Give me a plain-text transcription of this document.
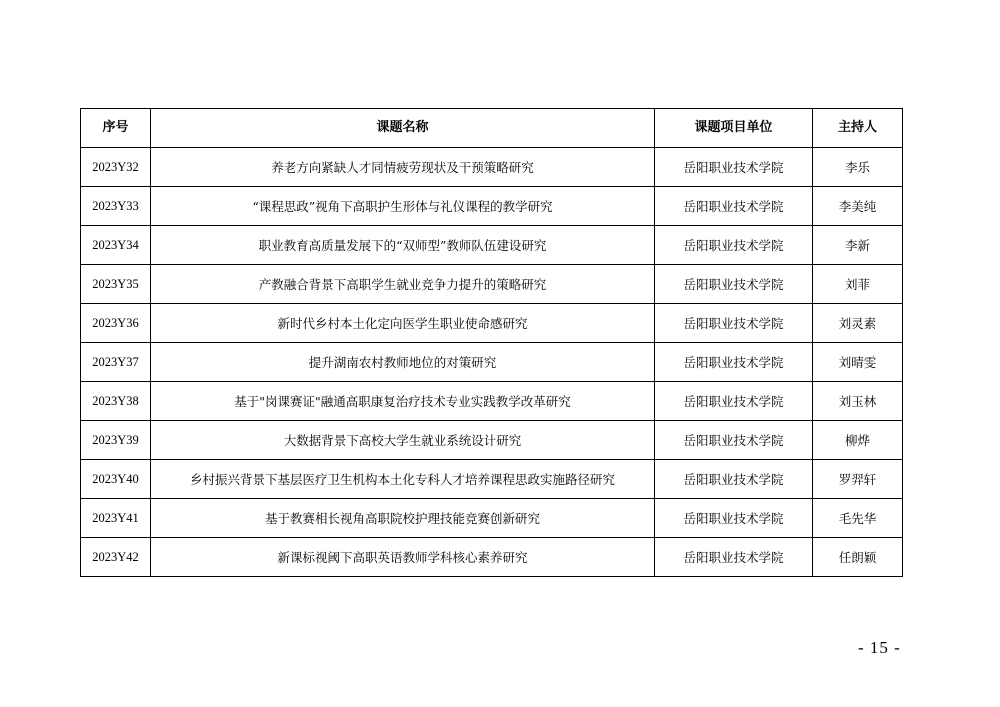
序号	课题名称	课题项目单位	主持人
2023Y32	养老方向紧缺人才同情疲劳现状及干预策略研究	岳阳职业技术学院	李乐
2023Y33	“课程思政”视角下高职护生形体与礼仪课程的教学研究	岳阳职业技术学院	李美纯
2023Y34	职业教育高质量发展下的“双师型”教师队伍建设研究	岳阳职业技术学院	李新
2023Y35	产教融合背景下高职学生就业竞争力提升的策略研究	岳阳职业技术学院	刘菲
2023Y36	新时代乡村本土化定向医学生职业使命感研究	岳阳职业技术学院	刘灵素
2023Y37	提升湖南农村教师地位的对策研究	岳阳职业技术学院	刘晴雯
2023Y38	基于"岗课赛证"融通高职康复治疗技术专业实践教学改革研究	岳阳职业技术学院	刘玉林
2023Y39	大数据背景下高校大学生就业系统设计研究	岳阳职业技术学院	柳烨
2023Y40	乡村振兴背景下基层医疗卫生机构本土化专科人才培养课程思政实施路径研究	岳阳职业技术学院	罗羿轩
2023Y41	基于教赛相长视角高职院校护理技能竞赛创新研究	岳阳职业技术学院	毛先华
2023Y42	新课标视阈下高职英语教师学科核心素养研究	岳阳职业技术学院	任朗颖
- 15 -
